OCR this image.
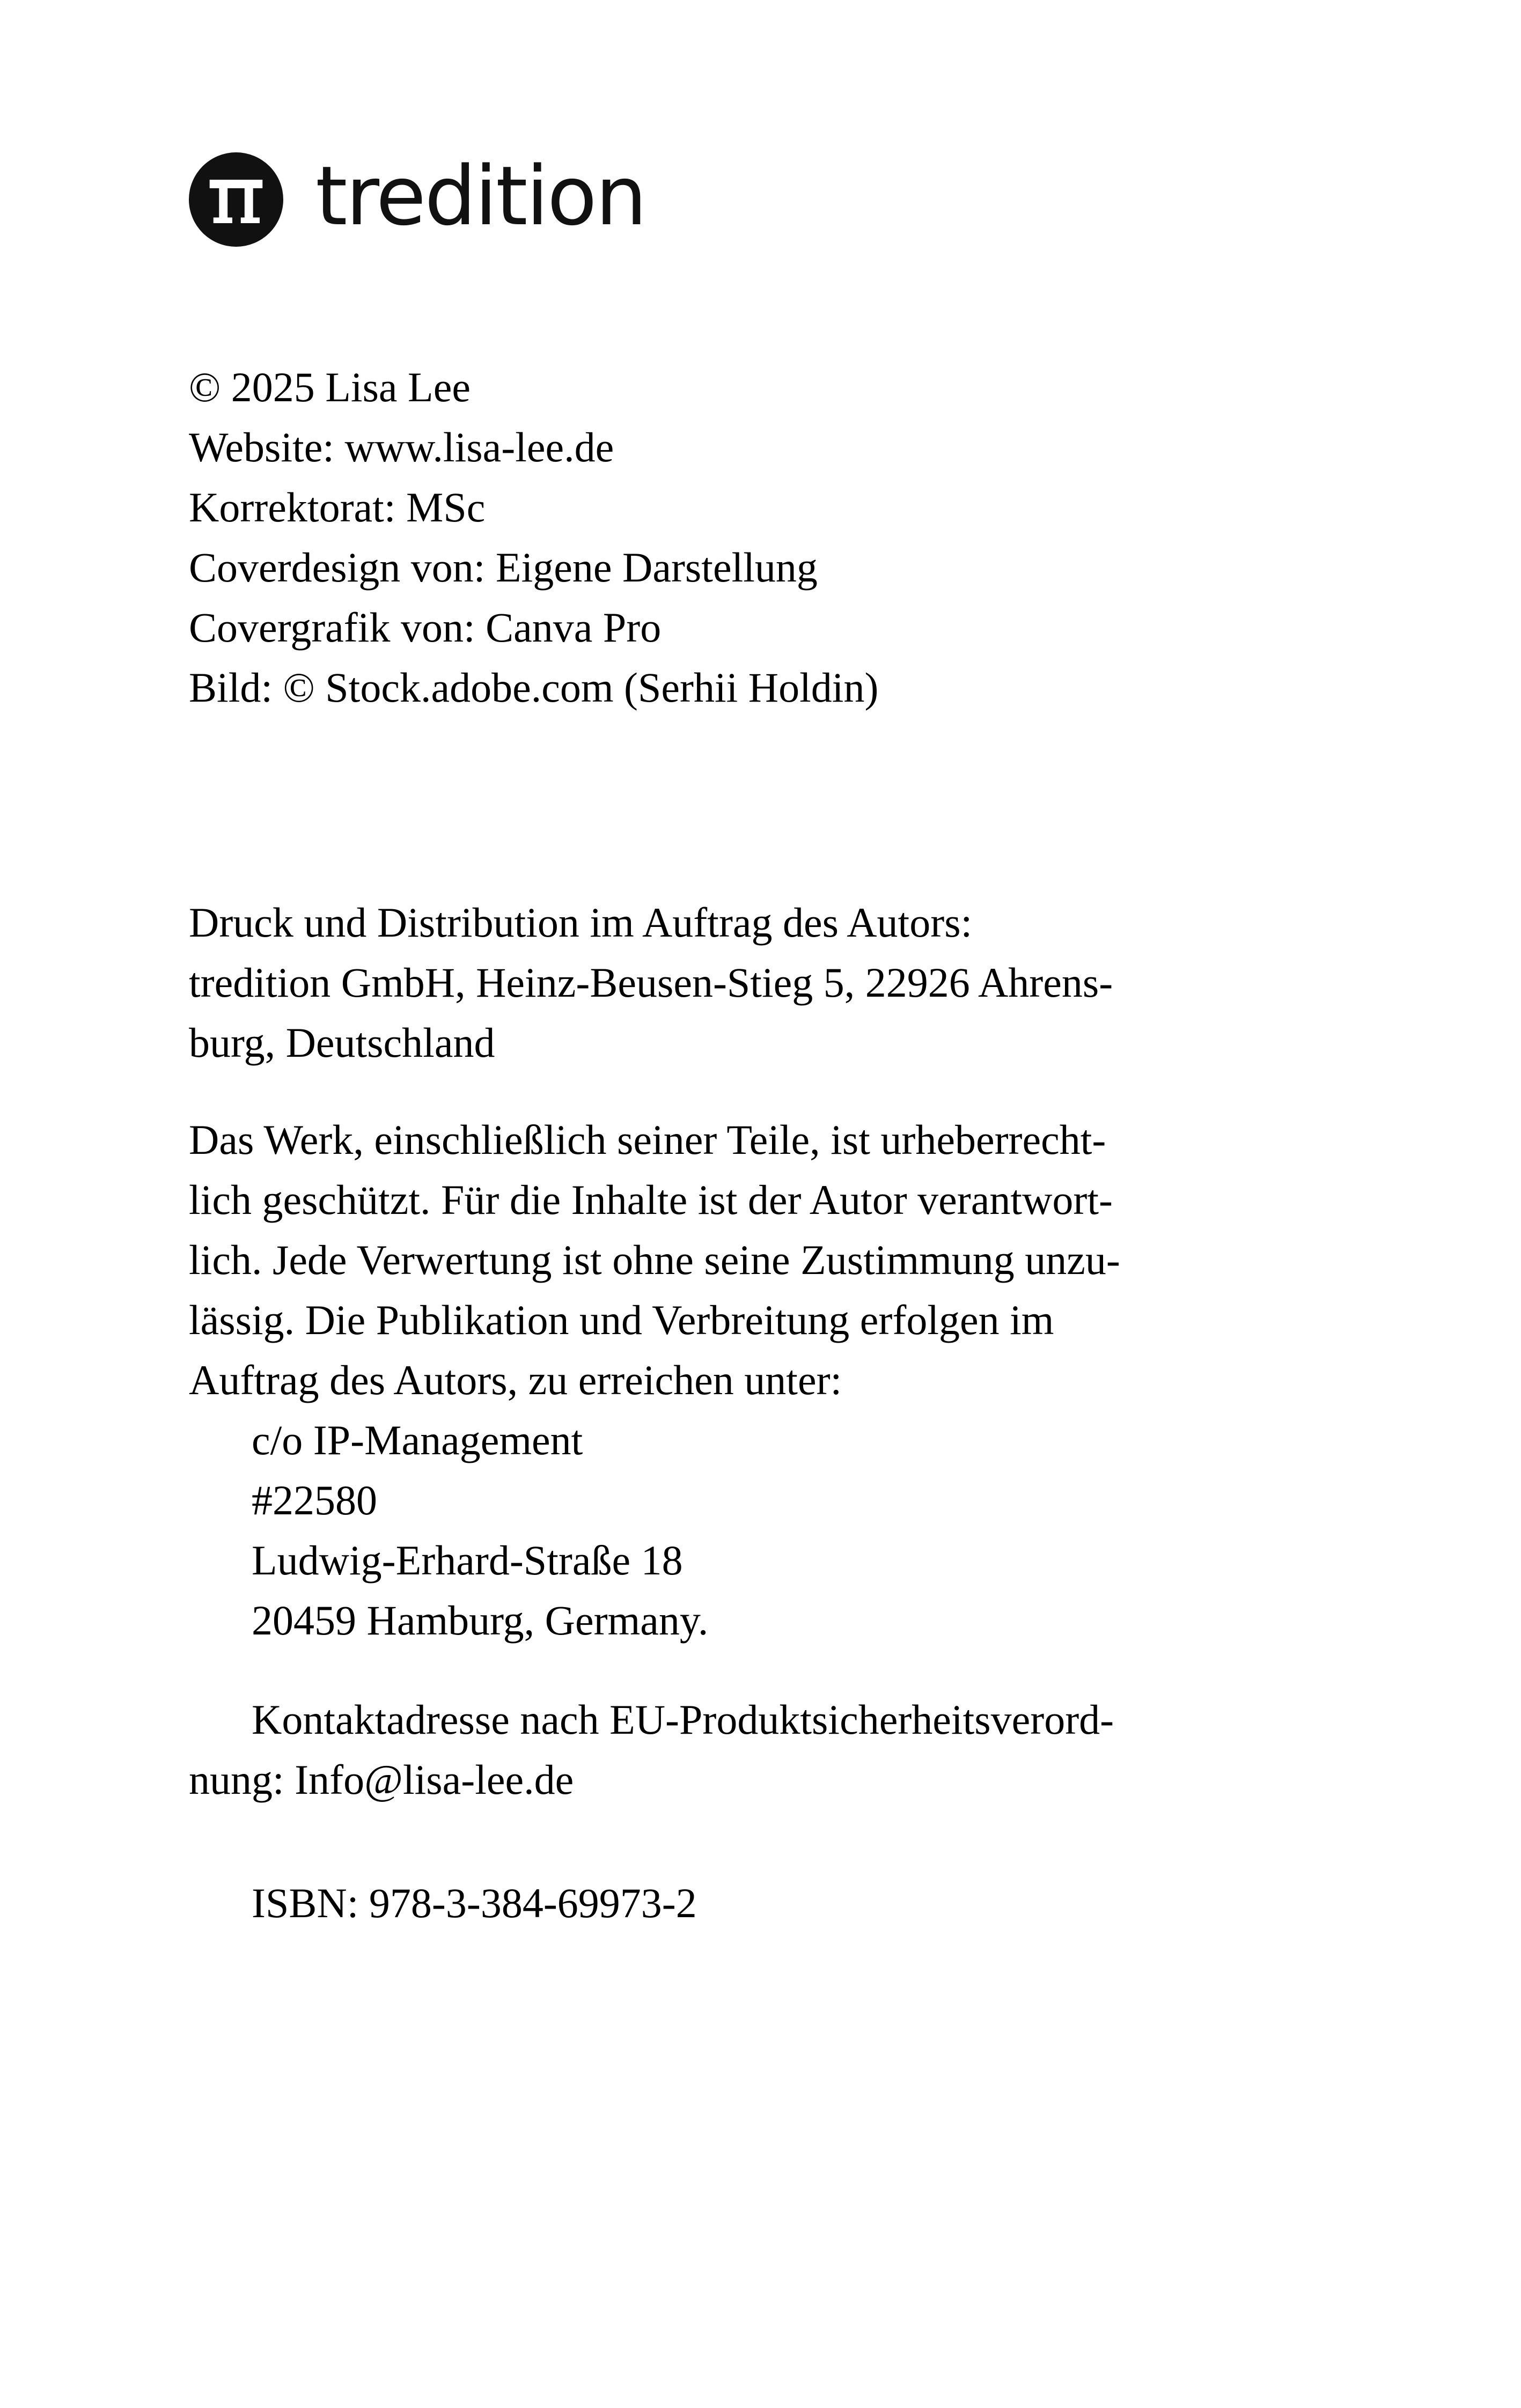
tredition
© 2025 Lisa Lee
Website: www.lisa-lee.de
Korrektorat: MSc
Coverdesign von: Eigene Darstellung
Covergrafik von: Canva Pro
Bild: © Stock.adobe.com (Serhii Holdin)
Druck und Distribution im Auftrag des Autors:
tredition GmbH, Heinz-Beusen-Stieg 5, 22926 Ahrens-
burg, Deutschland
Das Werk, einschließlich seiner Teile, ist urheberrecht-
lich geschützt. Für die Inhalte ist der Autor verantwort-
lich. Jede Verwertung ist ohne seine Zustimmung unzu-
lässig. Die Publikation und Verbreitung erfolgen im
Auftrag des Autors, zu erreichen unter:
c/o IP-Management
#22580
Ludwig-Erhard-Straße 18
20459 Hamburg, Germany.
Kontaktadresse nach EU-Produktsicherheitsverord-
nung: Info@lisa-lee.de
ISBN: 978-3-384-69973-2
